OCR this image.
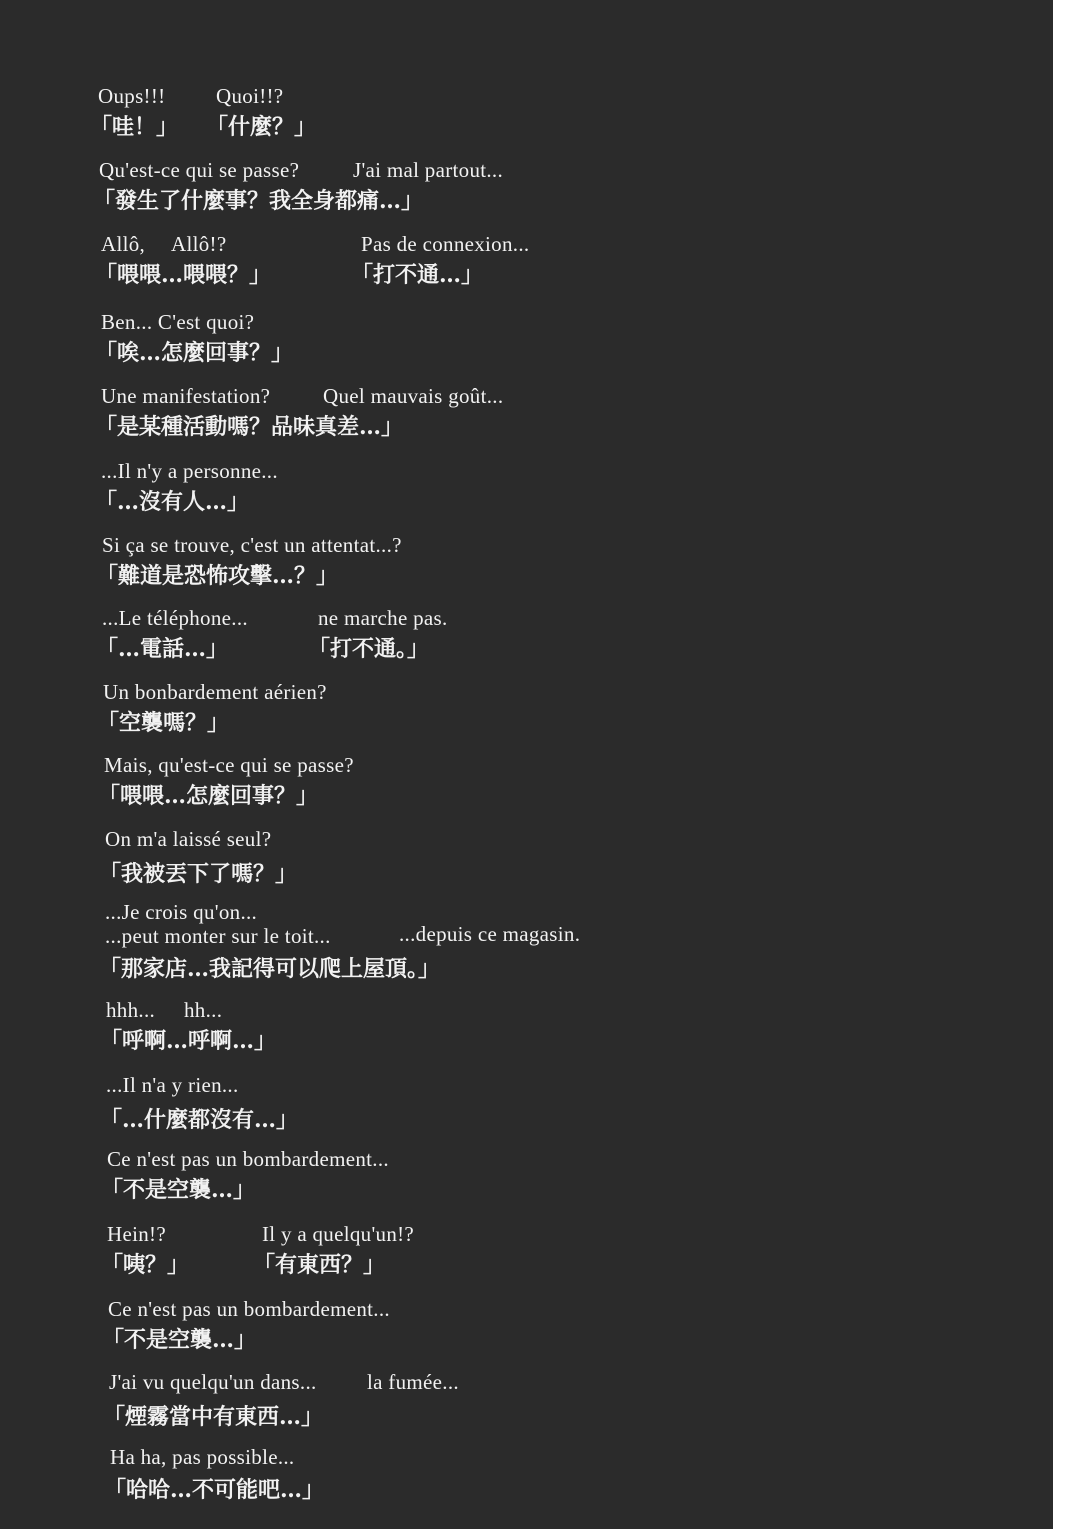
Oups!!! Quoi!!?
「哇！」 「什麼？」
Qu'est-ce qui se passe?	J'ai mal partout...
「發生了什麼事？我全身都痛…」
Allô, Allô!?	Pas de connexion...
「喂喂…喂喂？」	「打不通…」
Ben... C'est quoi?
「唉…怎麼回事？」
Une manifestation?	Quel mauvais goût...
「是某種活動嗎？品味真差…」
...Il n'y a personne...
「…沒有人…」
Si ça se trouve, c'est un attentat...?
「難道是恐怖攻擊…？」
...Le téléphone...	ne marche pas.
「…電話…」	「打不通。」
Un bonbardement aérien?
「空襲嗎？」
Mais, qu'est-ce qui se passe?
「喂喂…怎麼回事？」
On m'a laissé seul?
「我被丟下了嗎？」
...Je crois qu'on...
...peut monter sur le toit...	...depuis ce magasin.
「那家店…我記得可以爬上屋頂。」
hhh... hh...
「呼啊…呼啊…」
...Il n'a y rien...
「…什麼都沒有…」
Ce n'est pas un bombardement...
「不是空襲…」
Hein!?	Il y a quelqu'un!?
「咦？」	「有東西？」
Ce n'est pas un bombardement...
「不是空襲…」
J'ai vu quelqu'un dans... la fumée...
「煙霧當中有東西…」
Ha ha, pas possible...
「哈哈…不可能吧…」
